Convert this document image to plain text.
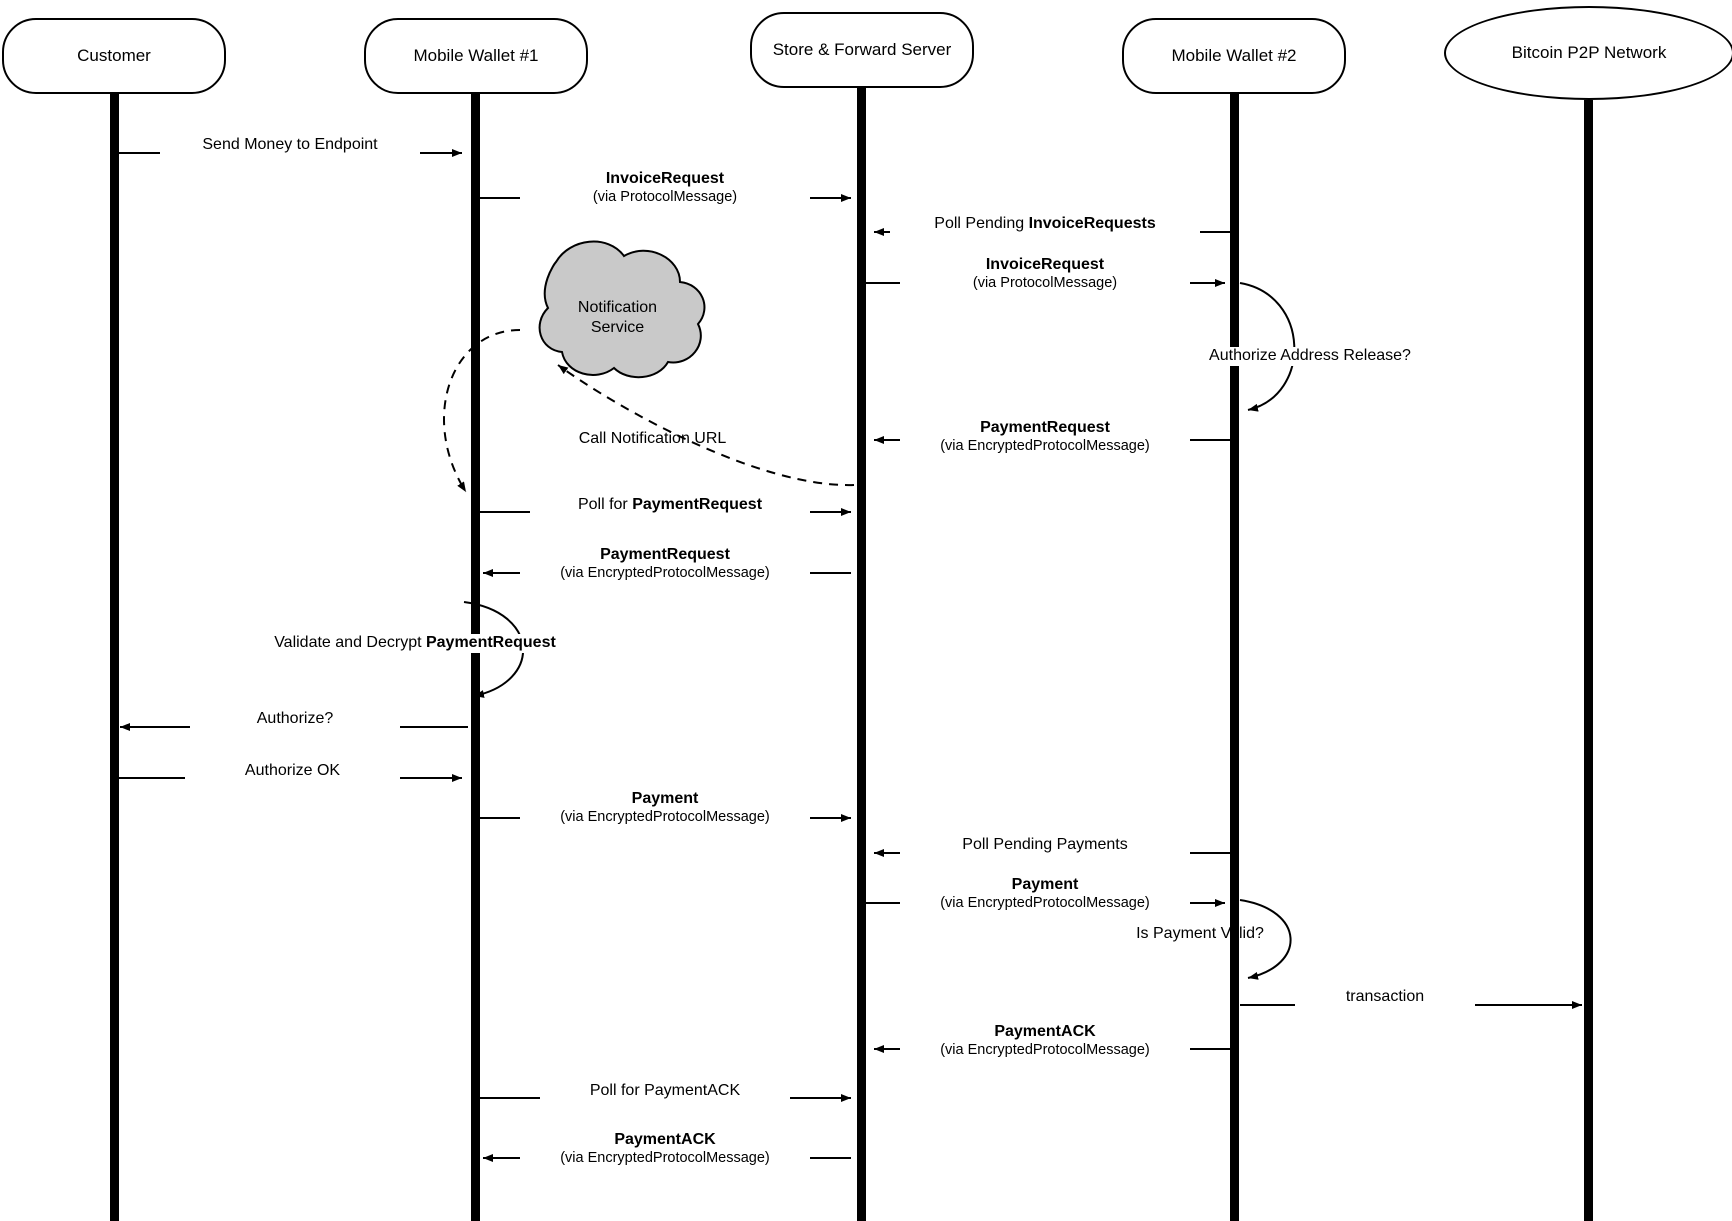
Customer	Mobile Wallet #1	Store & Forward Server	Mobile Wallet #2	Bitcoin P2P Network
Notification
Service
Send Money to Endpoint
InvoiceRequest
(via ProtocolMessage)
Poll Pending InvoiceRequests
InvoiceRequest
(via ProtocolMessage)
Authorize Address Release?
PaymentRequest
(via EncryptedProtocolMessage)
Call Notification URL
Poll for PaymentRequest
PaymentRequest
(via EncryptedProtocolMessage)
Validate and Decrypt PaymentRequest
Authorize?
Authorize OK
Payment
(via EncryptedProtocolMessage)
Poll Pending Payments
Payment
(via EncryptedProtocolMessage)
Is Payment Valid?
transaction
PaymentACK
(via EncryptedProtocolMessage)
Poll for PaymentACK
PaymentACK
(via EncryptedProtocolMessage)
